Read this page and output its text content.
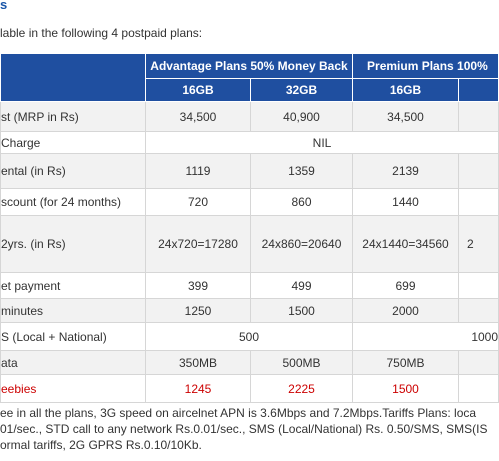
s
lable in the following 4 postpaid plans:
	Advantage Plans 50% Money Back		Premium Plans 100%	
	16GB	32GB	16GB	
st (MRP in Rs)	34,500	40,900	34,500	
Charge	NIL			
ental (in Rs)	1119	1359	2139	
scount (for 24 months)	720	860	1440	
2yrs. (in Rs)	24x720=17280	24x860=20640	24x1440=34560	2
et payment	399	499	699	
minutes	1250	1500	2000	
S (Local + National)	500		1000	
ata	350MB	500MB	750MB	
eebies	1245	2225	1500	
ee in all the plans, 3G speed on aircelnet APN is 3.6Mbps and 7.2Mbps.Tariffs Plans: loca
01/sec., STD call to any network Rs.0.01/sec., SMS (Local/National) Rs. 0.50/SMS, SMS(IS
ormal tariffs, 2G GPRS Rs.0.10/10Kb.
